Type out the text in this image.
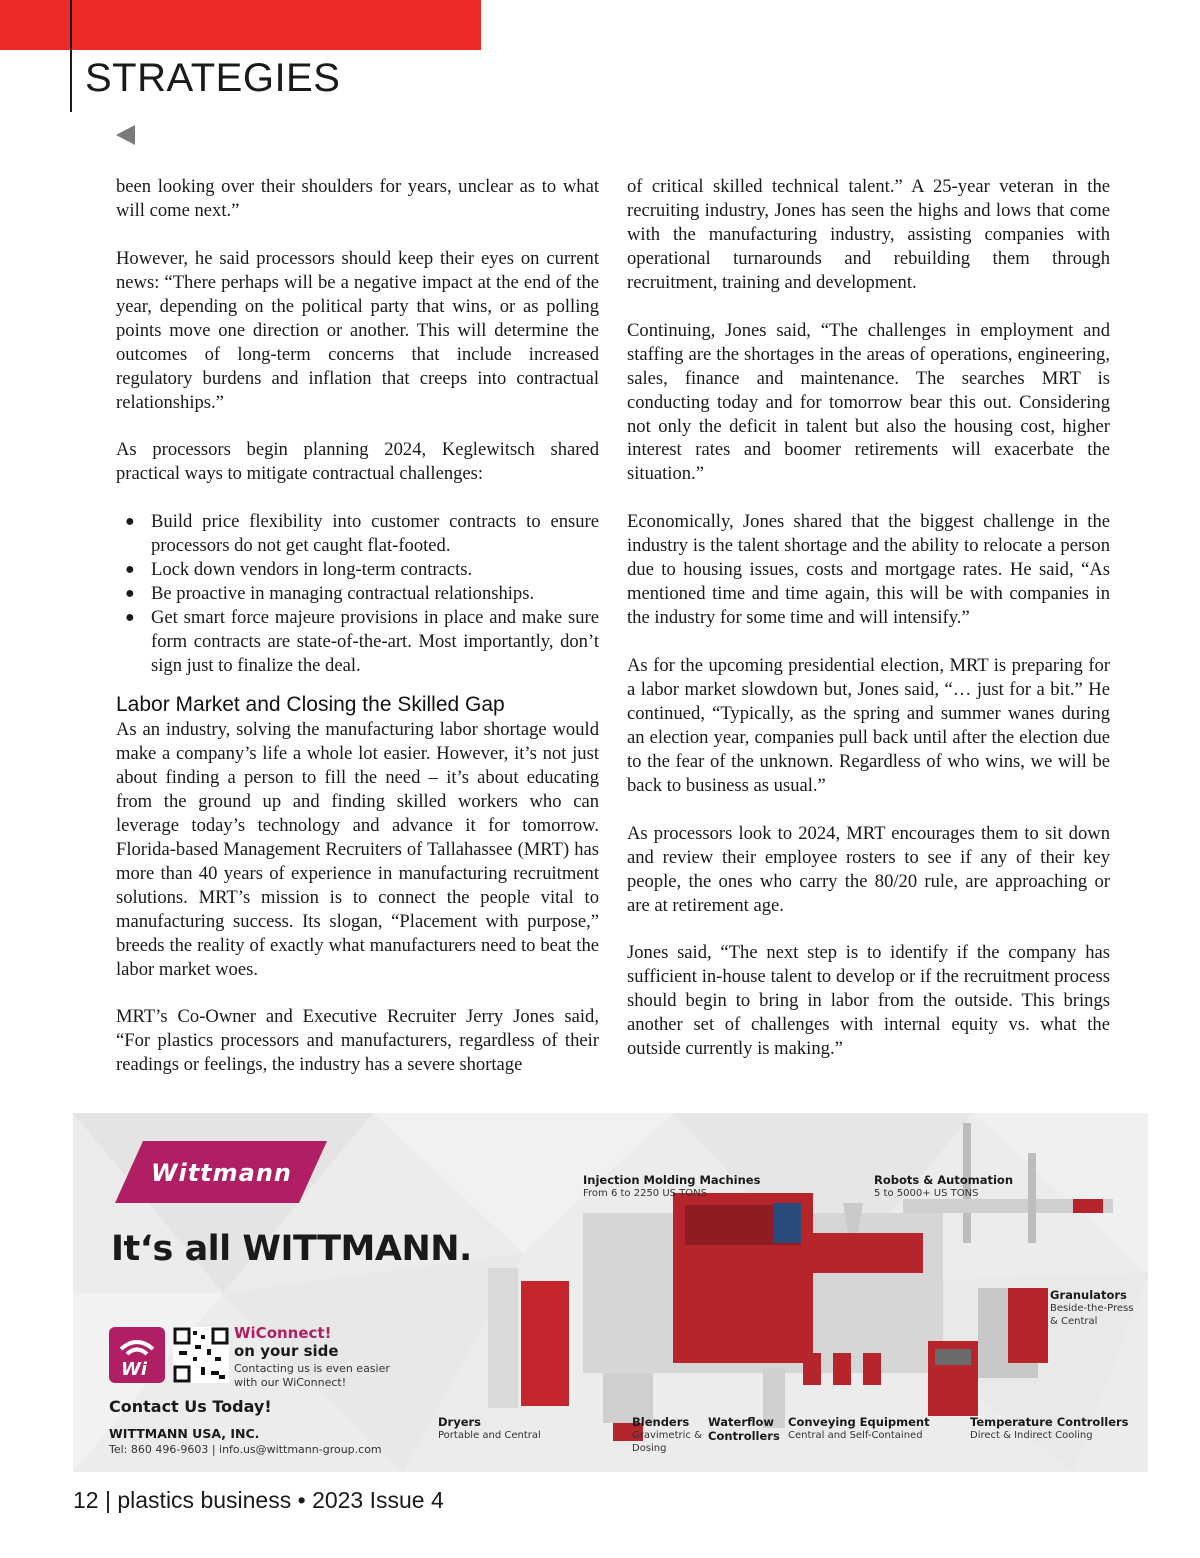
STRATEGIES

been looking over their shoulders for years, unclear as to what will come next.”

However, he said processors should keep their eyes on current news: “There perhaps will be a negative impact at the end of the year, depending on the political party that wins, or as polling points move one direction or another. This will determine the outcomes of long-term concerns that include increased regulatory burdens and inflation that creeps into contractual relationships.”

As processors begin planning 2024, Keglewitsch shared practical ways to mitigate contractual challenges:

● Build price flexibility into customer contracts to ensure processors do not get caught flat-footed.
● Lock down vendors in long-term contracts.
● Be proactive in managing contractual relationships.
● Get smart force majeure provisions in place and make sure form contracts are state-of-the-art. Most importantly, don’t sign just to finalize the deal.
Labor Market and Closing the Skilled Gap

As an industry, solving the manufacturing labor shortage would make a company’s life a whole lot easier. However, it’s not just about finding a person to fill the need – it’s about educating from the ground up and finding skilled workers who can leverage today’s technology and advance it for tomorrow. Florida-based Management Recruiters of Tallahassee (MRT) has more than 40 years of experience in manufacturing recruitment solutions. MRT’s mission is to connect the people vital to manufacturing success. Its slogan, “Placement with purpose,” breeds the reality of exactly what manufacturers need to beat the labor market woes.

MRT’s Co-Owner and Executive Recruiter Jerry Jones said, “For plastics processors and manufacturers, regardless of their readings or feelings, the industry has a severe shortage

of critical skilled technical talent.” A 25-year veteran in the recruiting industry, Jones has seen the highs and lows that come with the manufacturing industry, assisting companies with operational turnarounds and rebuilding them through recruitment, training and development.

Continuing, Jones said, “The challenges in employment and staffing are the shortages in the areas of operations, engineering, sales, finance and maintenance. The searches MRT is conducting today and for tomorrow bear this out. Considering not only the deficit in talent but also the housing cost, higher interest rates and boomer retirements will exacerbate the situation.”

Economically, Jones shared that the biggest challenge in the industry is the talent shortage and the ability to relocate a person due to housing issues, costs and mortgage rates. He said, “As mentioned time and time again, this will be with companies in the industry for some time and will intensify.”

As for the upcoming presidential election, MRT is preparing for a labor market slowdown but, Jones said, “… just for a bit.” He continued, “Typically, as the spring and summer wanes during an election year, companies pull back until after the election due to the fear of the unknown. Regardless of who wins, we will be back to business as usual.”

As processors look to 2024, MRT encourages them to sit down and review their employee rosters to see if any of their key people, the ones who carry the 80/20 rule, are approaching or are at retirement age.

Jones said, “The next step is to identify if the company has sufficient in-house talent to develop or if the recruitment process should begin to bring in labor from the outside. This brings another set of challenges with internal equity vs. what the outside currently is making.”

Wittmann
It‘s all WITTMANN.
Wi
WiConnect!
on your side
Contacting us is even easier with our WiConnect!
Contact Us Today!
WITTMANN USA, INC.
Tel: 860 496-9603 | info.us@wittmann-group.com
Injection Molding Machines
From 6 to 2250 US TONS
Robots & Automation
5 to 5000+ US TONS
Granulators
Beside-the-Press
& Central
Dryers
Portable and Central
Blenders
Gravimetric &
Dosing
Waterflow
Controllers
Conveying Equipment
Central and Self-Contained
Temperature Controllers
Direct & Indirect Cooling
12 | plastics business • 2023 Issue 4
